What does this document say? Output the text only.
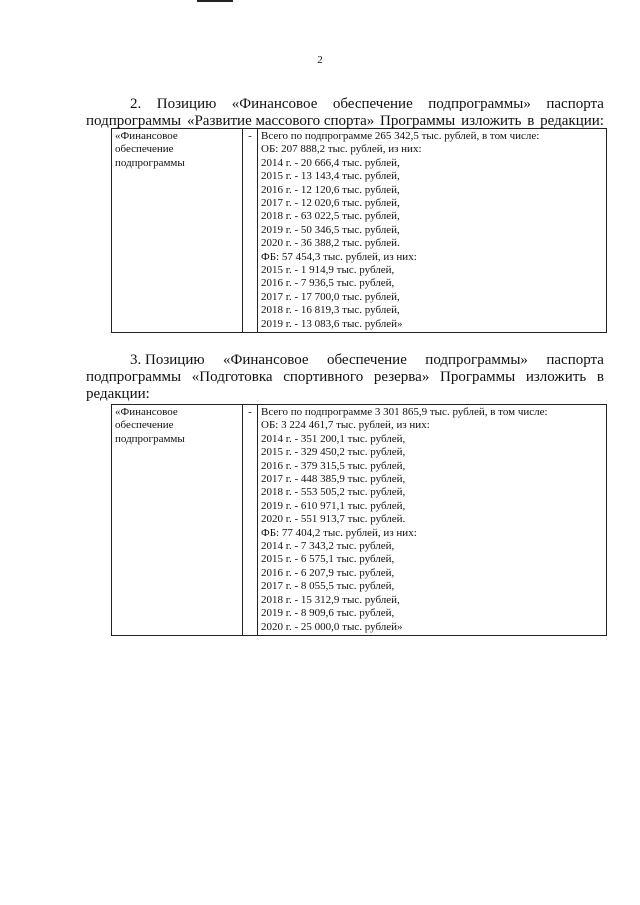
2
2. Позицию «Финансовое обеспечение подпрограммы» паспорта
подпрограммы «Развитие массового спорта» Программы изложить в редакции:
«Финансовое
обеспечение
подпрограммы
	-	Всего по подпрограмме 265 342,5 тыс. рублей, в том числе:
ОБ: 207 888,2 тыс. рублей, из них:
2014 г. - 20 666,4 тыс. рублей,
2015 г. - 13 143,4 тыс. рублей,
2016 г. - 12 120,6 тыс. рублей,
2017 г. - 12 020,6 тыс. рублей,
2018 г. - 63 022,5 тыс. рублей,
2019 г. - 50 346,5 тыс. рублей,
2020 г. - 36 388,2 тыс. рублей.
ФБ: 57 454,3 тыс. рублей, из них:
2015 г. - 1 914,9 тыс. рублей,
2016 г. - 7 936,5 тыс. рублей,
2017 г. - 17 700,0 тыс. рублей,
2018 г. - 16 819,3 тыс. рублей,
2019 г. - 13 083,6 тыс. рублей»
3. Позицию «Финансовое обеспечение подпрограммы» паспорта
подпрограммы «Подготовка спортивного резерва» Программы изложить в
редакции:
«Финансовое
обеспечение
подпрограммы
	-	Всего по подпрограмме 3 301 865,9 тыс. рублей, в том числе:
ОБ: 3 224 461,7 тыс. рублей, из них:
2014 г. - 351 200,1 тыс. рублей,
2015 г. - 329 450,2 тыс. рублей,
2016 г. - 379 315,5 тыс. рублей,
2017 г. - 448 385,9 тыс. рублей,
2018 г. - 553 505,2 тыс. рублей,
2019 г. - 610 971,1 тыс. рублей,
2020 г. - 551 913,7 тыс. рублей.
ФБ: 77 404,2 тыс. рублей, из них:
2014 г. - 7 343,2 тыс. рублей,
2015 г. - 6 575,1 тыс. рублей,
2016 г. - 6 207,9 тыс. рублей,
2017 г. - 8 055,5 тыс. рублей,
2018 г. - 15 312,9 тыс. рублей,
2019 г. - 8 909,6 тыс. рублей,
2020 г. - 25 000,0 тыс. рублей»
